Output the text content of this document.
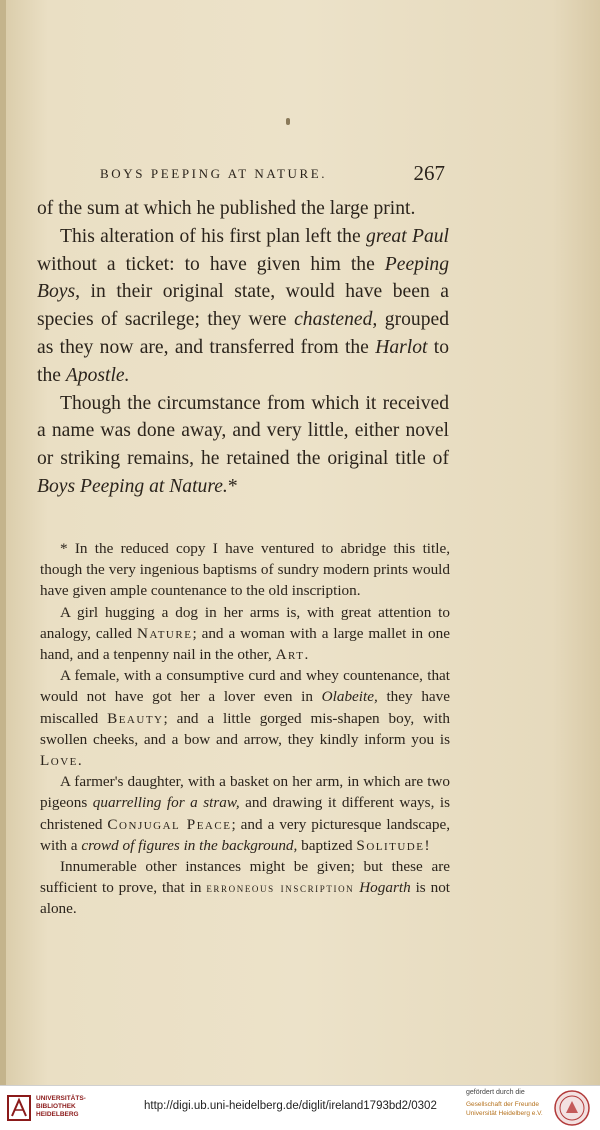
BOYS PEEPING AT NATURE.	267

of the sum at which he published the large print.

This alteration of his first plan left the great Paul without a ticket: to have given him the Peeping Boys, in their original state, would have been a species of sacrilege; they were chastened, grouped as they now are, and transferred from the Harlot to the Apostle.

Though the circumstance from which it received a name was done away, and very little, either novel or striking remains, he retained the original title of Boys Peeping at Nature.*

* In the reduced copy I have ventured to abridge this title, though the very ingenious baptisms of sundry modern prints would have given ample countenance to the old inscription.

A girl hugging a dog in her arms is, with great attention to analogy, called Nature; and a woman with a large mallet in one hand, and a tenpenny nail in the other, Art.

A female, with a consumptive curd and whey countenance, that would not have got her a lover even in Olabeite, they have miscalled Beauty; and a little gorged mis-shapen boy, with swollen cheeks, and a bow and arrow, they kindly inform you is Love.

A farmer's daughter, with a basket on her arm, in which are two pigeons quarrelling for a straw, and drawing it different ways, is christened Conjugal Peace; and a very picturesque landscape, with a crowd of figures in the background, baptized Solitude!

Innumerable other instances might be given; but these are sufficient to prove, that in erroneous inscription Hogarth is not alone.

UNIVERSITÄTS-
BIBLIOTHEK
HEIDELBERG
http://digi.ub.uni-heidelberg.de/diglit/ireland1793bd2/0302
gefördert durch die
Gesellschaft der Freunde
Universität Heidelberg e.V.
